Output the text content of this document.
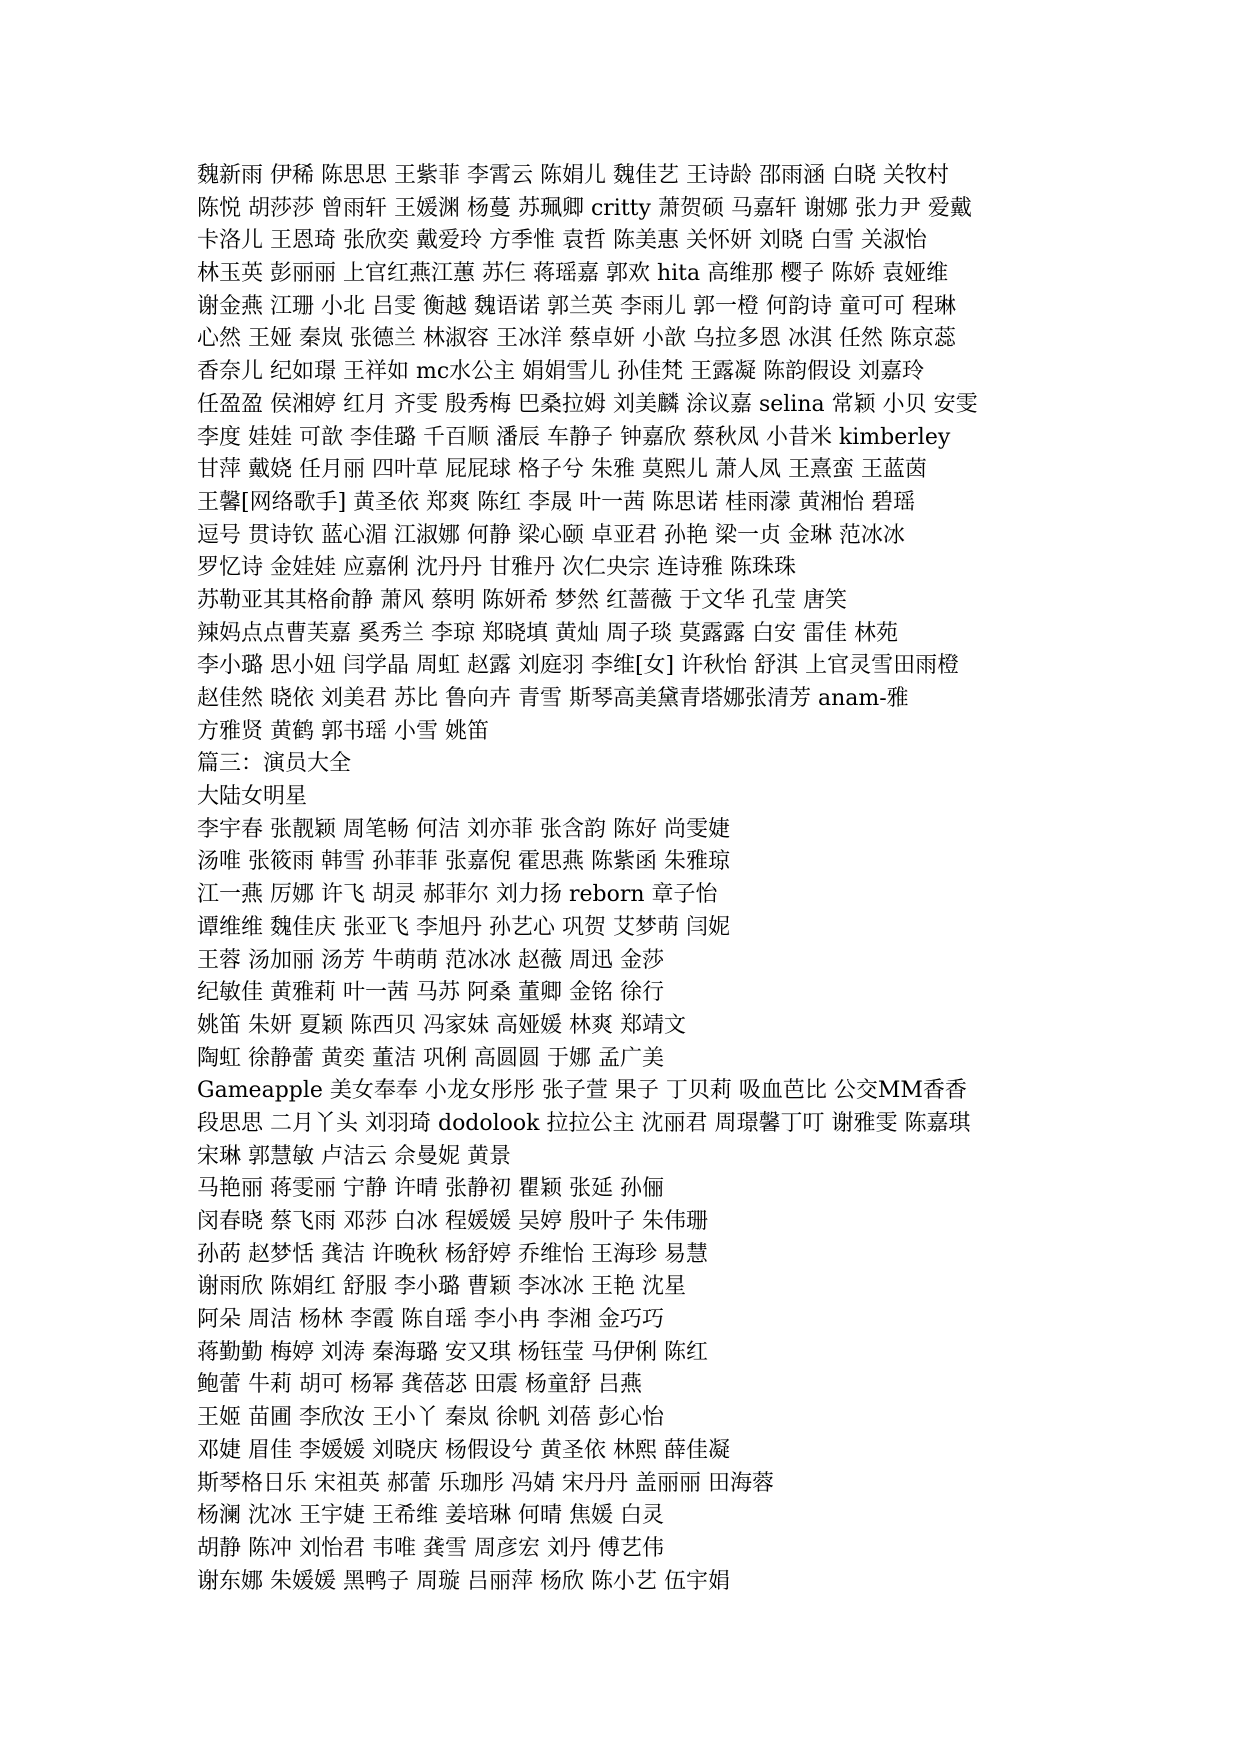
魏新雨 伊稀 陈思思 王紫菲 李霄云 陈娟儿 魏佳艺 王诗龄 邵雨涵 白晓 关牧村
陈悦 胡莎莎 曾雨轩 王媛渊 杨蔓 苏珮卿 critty 萧贺硕 马嘉轩 谢娜 张力尹 爱戴
卡洛儿 王恩琦 张欣奕 戴爱玲 方季惟 袁哲 陈美惠 关怀妍 刘晓 白雪 关淑怡
林玉英 彭丽丽 上官红燕江蕙 苏仨 蒋瑶嘉 郭欢 hita 高维那 樱子 陈娇 袁娅维
谢金燕 江珊 小北 吕雯 衡越 魏语诺 郭兰英 李雨儿 郭一橙 何韵诗 童可可 程琳
心然 王娅 秦岚 张德兰 林淑容 王冰洋 蔡卓妍 小歆 乌拉多恩 冰淇 任然 陈京蕊
香奈儿 纪如璟 王祥如 mc水公主 娟娟雪儿 孙佳梵 王露凝 陈韵假设 刘嘉玲
任盈盈 侯湘婷 红月 齐雯 殷秀梅 巴桑拉姆 刘美麟 涂议嘉 selina 常颖 小贝 安雯
李度 娃娃 可歆 李佳璐 千百顺 潘辰 车静子 钟嘉欣 蔡秋凤 小昔米 kimberley
甘萍 戴娆 任月丽 四叶草 屁屁球 格子兮 朱雅 莫熙儿 萧人凤 王熹蛮 王蓝茵
王馨[网络歌手] 黄圣依 郑爽 陈红 李晟 叶一茜 陈思诺 桂雨濛 黄湘怡 碧瑶
逗号 贯诗钦 蓝心湄 江淑娜 何静 梁心颐 卓亚君 孙艳 梁一贞 金琳 范冰冰
罗忆诗 金娃娃 应嘉俐 沈丹丹 甘雅丹 次仁央宗 连诗雅 陈珠珠
苏勒亚其其格俞静 萧风 蔡明 陈妍希 梦然 红蔷薇 于文华 孔莹 唐笑
辣妈点点曹芙嘉 奚秀兰 李琼 郑晓填 黄灿 周子琰 莫露露 白安 雷佳 林苑
李小璐 思小妞 闫学晶 周虹 赵露 刘庭羽 李维[女] 许秋怡 舒淇 上官灵雪田雨橙
赵佳然 晓依 刘美君 苏比 鲁向卉 青雪 斯琴高美黛青塔娜张清芳 anam-雅
方雅贤 黄鹤 郭书瑶 小雪 姚笛
篇三：演员大全
大陆女明星
李宇春 张靓颖 周笔畅 何洁 刘亦菲 张含韵 陈好 尚雯婕
汤唯 张筱雨 韩雪 孙菲菲 张嘉倪 霍思燕 陈紫函 朱雅琼
江一燕 厉娜 许飞 胡灵 郝菲尔 刘力扬 reborn 章子怡
谭维维 魏佳庆 张亚飞 李旭丹 孙艺心 巩贺 艾梦萌 闫妮
王蓉 汤加丽 汤芳 牛萌萌 范冰冰 赵薇 周迅 金莎
纪敏佳 黄雅莉 叶一茜 马苏 阿桑 董卿 金铭 徐行
姚笛 朱妍 夏颖 陈西贝 冯家妹 高娅媛 林爽 郑靖文
陶虹 徐静蕾 黄奕 董洁 巩俐 高圆圆 于娜 孟广美
Gameapple 美女奉奉 小龙女彤彤 张子萱 果子 丁贝莉 吸血芭比 公交MM香香
段思思 二月丫头 刘羽琦 dodolook 拉拉公主 沈丽君 周璟馨丁叮 谢雅雯 陈嘉琪
宋琳 郭慧敏 卢洁云 佘曼妮 黄景
马艳丽 蒋雯丽 宁静 许晴 张静初 瞿颖 张延 孙俪
闵春晓 蔡飞雨 邓莎 白冰 程媛媛 吴婷 殷叶子 朱伟珊
孙菂 赵梦恬 龚洁 许晚秋 杨舒婷 乔维怡 王海珍 易慧
谢雨欣 陈娟红 舒服 李小璐 曹颖 李冰冰 王艳 沈星
阿朵 周洁 杨林 李霞 陈自瑶 李小冉 李湘 金巧巧
蒋勤勤 梅婷 刘涛 秦海璐 安又琪 杨钰莹 马伊俐 陈红
鲍蕾 牛莉 胡可 杨幂 龚蓓苾 田震 杨童舒 吕燕
王姬 苗圃 李欣汝 王小丫 秦岚 徐帆 刘蓓 彭心怡
邓婕 眉佳 李媛媛 刘晓庆 杨假设兮 黄圣依 林熙 薛佳凝
斯琴格日乐 宋祖英 郝蕾 乐珈彤 冯婧 宋丹丹 盖丽丽 田海蓉
杨澜 沈冰 王宇婕 王希维 姜培琳 何晴 焦媛 白灵
胡静 陈冲 刘怡君 韦唯 龚雪 周彦宏 刘丹 傅艺伟
谢东娜 朱媛媛 黑鸭子 周璇 吕丽萍 杨欣 陈小艺 伍宇娟
